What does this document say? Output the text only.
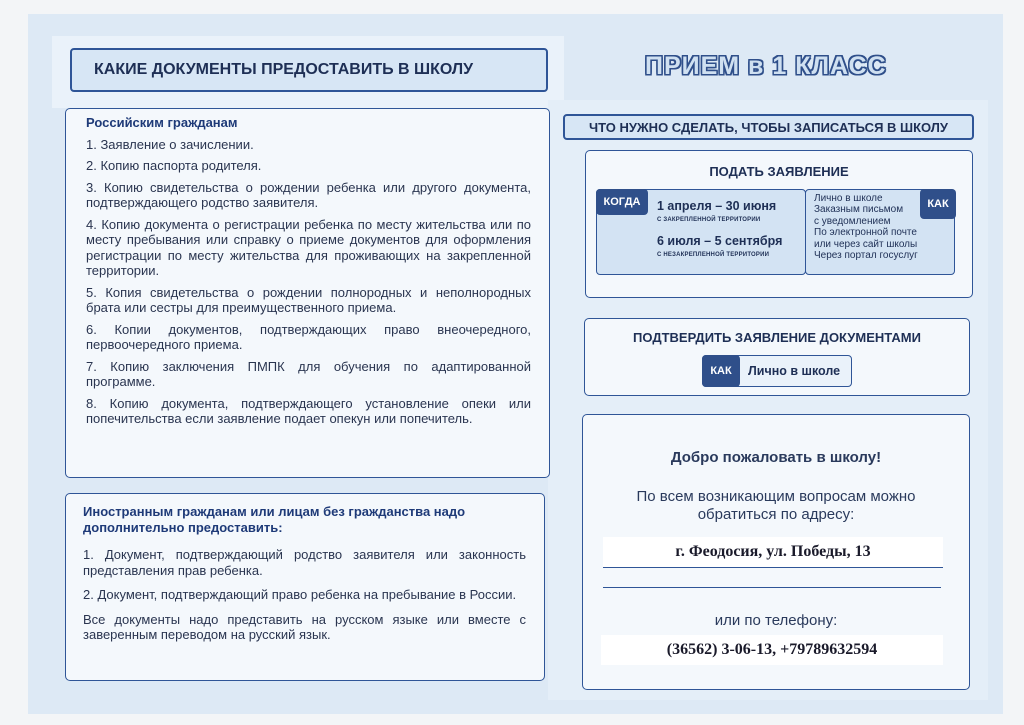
КАКИЕ ДОКУМЕНТЫ ПРЕДОСТАВИТЬ В ШКОЛУ	ПРИЕМ в 1 КЛАСС
Российским гражданам
1. Заявление о зачислении.
2. Копию паспорта родителя.
3. Копию свидетельства о рождении ребенка или другого документа, подтверждающего родство заявителя.
4. Копию документа о регистрации ребенка по месту жительства или по месту пребывания или справку о приеме документов для оформления регистрации по месту жительства для проживающих на закрепленной территории.
5. Копия свидетельства о рождении полнородных и неполнородных брата или сестры для преимущественного приема.
6. Копии документов, подтверждающих право внеочередного, первоочередного приема.
7. Копию заключения ПМПК для обучения по адаптированной программе.
8. Копию документа, подтверждающего установление опеки или попечительства если заявление подает опекун или попечитель.
Иностранным гражданам или лицам без гражданства надо дополнительно предоставить:
1. Документ, подтверждающий родство заявителя или законность представления прав ребенка.
2. Документ, подтверждающий право ребенка на пребывание в России.
Все документы надо представить на русском языке или вместе с заверенным переводом на русский язык.
ЧТО НУЖНО СДЕЛАТЬ, ЧТОБЫ ЗАПИСАТЬСЯ В ШКОЛУ
ПОДАТЬ ЗАЯВЛЕНИЕ
КОГДА	1 апреля – 30 июня
С ЗАКРЕПЛЕННОЙ ТЕРРИТОРИИ
6 июля – 5 сентября
С НЕЗАКРЕПЛЕННОЙ ТЕРРИТОРИИ
Лично в школе
Заказным письмом
с уведомлением
По электронной почте
или через сайт школы
Через портал госуслуг
КАК
ПОДТВЕРДИТЬ ЗАЯВЛЕНИЕ ДОКУМЕНТАМИ
КАК	Лично в школе
Добро пожаловать в школу!
По всем возникающим вопросам можно
обратиться по адресу:
г. Феодосия, ул. Победы, 13
или по телефону:
(36562) 3-06-13, +79789632594
